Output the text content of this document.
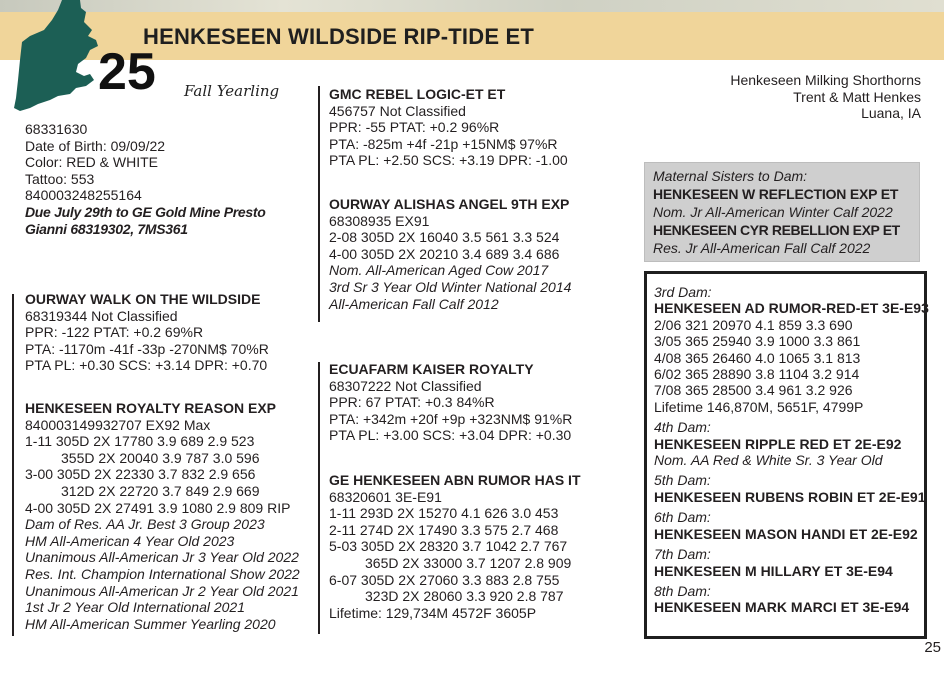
HENKESEEN WILDSIDE RIP-TIDE ET
25 Fall Yearling
Henkeseen Milking Shorthorns
Trent & Matt Henkes
Luana, IA
68331630
Date of Birth: 09/09/22
Color: RED & WHITE
Tattoo: 553
840003248255164
Due July 29th to GE Gold Mine Presto
Gianni 68319302, 7MS361
OURWAY WALK ON THE WILDSIDE
68319344 Not Classified
PPR: -122 PTAT: +0.2 69%R
PTA: -1170m -41f -33p -270NM$ 70%R
PTA PL: +0.30 SCS: +3.14 DPR: +0.70
HENKESEEN ROYALTY REASON EXP
840003149932707 EX92 Max
1-11 305D 2X 17780 3.9 689 2.9 523
355D 2X 20040 3.9 787 3.0 596
3-00 305D 2X 22330 3.7 832 2.9 656
312D 2X 22720 3.7 849 2.9 669
4-00 305D 2X 27491 3.9 1080 2.9 809 RIP
Dam of Res. AA Jr. Best 3 Group 2023
HM All-American 4 Year Old 2023
Unanimous All-American Jr 3 Year Old 2022
Res. Int. Champion International Show 2022
Unanimous All-American Jr 2 Year Old 2021
1st Jr 2 Year Old International 2021
HM All-American Summer Yearling 2020
GMC REBEL LOGIC-ET ET
456757 Not Classified
PPR: -55 PTAT: +0.2 96%R
PTA: -825m +4f -21p +15NM$ 97%R
PTA PL: +2.50 SCS: +3.19 DPR: -1.00
OURWAY ALISHAS ANGEL 9TH EXP
68308935 EX91
2-08 305D 2X 16040 3.5 561 3.3 524
4-00 305D 2X 20210 3.4 689 3.4 686
Nom. All-American Aged Cow 2017
3rd Sr 3 Year Old Winter National 2014
All-American Fall Calf 2012
ECUAFARM KAISER ROYALTY
68307222 Not Classified
PPR: 67 PTAT: +0.3 84%R
PTA: +342m +20f +9p +323NM$ 91%R
PTA PL: +3.00 SCS: +3.04 DPR: +0.30
GE HENKESEEN ABN RUMOR HAS IT
68320601 3E-E91
1-11 293D 2X 15270 4.1 626 3.0 453
2-11 274D 2X 17490 3.3 575 2.7 468
5-03 305D 2X 28320 3.7 1042 2.7 767
365D 2X 33000 3.7 1207 2.8 909
6-07 305D 2X 27060 3.3 883 2.8 755
323D 2X 28060 3.3 920 2.8 787
Lifetime: 129,734M 4572F 3605P
Maternal Sisters to Dam:
HENKESEEN W REFLECTION EXP ET
Nom. Jr All-American Winter Calf 2022
HENKESEEN CYR REBELLION EXP ET
Res. Jr All-American Fall Calf 2022
3rd Dam:
HENKESEEN AD RUMOR-RED-ET 3E-E93
2/06 321 20970 4.1 859 3.3 690
3/05 365 25940 3.9 1000 3.3 861
4/08 365 26460 4.0 1065 3.1 813
6/02 365 28890 3.8 1104 3.2 914
7/08 365 28500 3.4 961 3.2 926
Lifetime 146,870M, 5651F, 4799P
4th Dam:
HENKESEEN RIPPLE RED ET 2E-E92
Nom. AA Red & White Sr. 3 Year Old
5th Dam:
HENKESEEN RUBENS ROBIN ET 2E-E91
6th Dam:
HENKESEEN MASON HANDI ET 2E-E92
7th Dam:
HENKESEEN M HILLARY ET 3E-E94
8th Dam:
HENKESEEN MARK MARCI ET 3E-E94
25
